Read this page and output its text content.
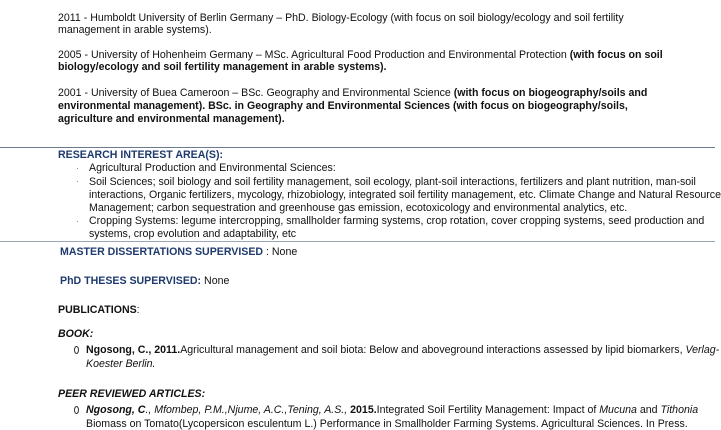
2011 - Humboldt University of Berlin Germany – PhD. Biology-Ecology (with focus on soil biology/ecology and soil fertility
management in arable systems).
2005 - University of Hohenheim Germany – MSc. Agricultural Food Production and Environmental Protection (with focus on soil
biology/ecology and soil fertility management in arable systems).
2001 - University of Buea Cameroon – BSc. Geography and Environmental Science (with focus on biogeography/soils and
environmental management). BSc. in Geography and Environmental Sciences (with focus on biogeography/soils,
agriculture and environmental management).
RESEARCH INTEREST AREA(S):
· Agricultural Production and Environmental Sciences:
· Soil Sciences; soil biology and soil fertility management, soil ecology, plant-soil interactions, fertilizers and plant nutrition, man-soil
interactions, Organic fertilizers, mycology, rhizobiology, integrated soil fertility management, etc. Climate Change and Natural Resource
Management; carbon sequestration and greenhouse gas emission, ecotoxicology and environmental analytics, etc.
· Cropping Systems: legume intercropping, smallholder farming systems, crop rotation, cover cropping systems, seed production and
systems, crop evolution and adaptability, etc
MASTER DISSERTATIONS SUPERVISED : None
PhD THESES SUPERVISED: None
PUBLICATIONS:
BOOK:
Ngosong, C., 2011.Agricultural management and soil biota: Below and aboveground interactions assessed by lipid biomarkers, Verlag-
Koester Berlin.
PEER REVIEWED ARTICLES:
Ngosong, C., Mfombep, P.M.,Njume, A.C.,Tening, A.S., 2015.Integrated Soil Fertility Management: Impact of Mucuna and Tithonia
Biomass on Tomato(Lycopersicon esculentum L.) Performance in Smallholder Farming Systems. Agricultural Sciences. In Press.
